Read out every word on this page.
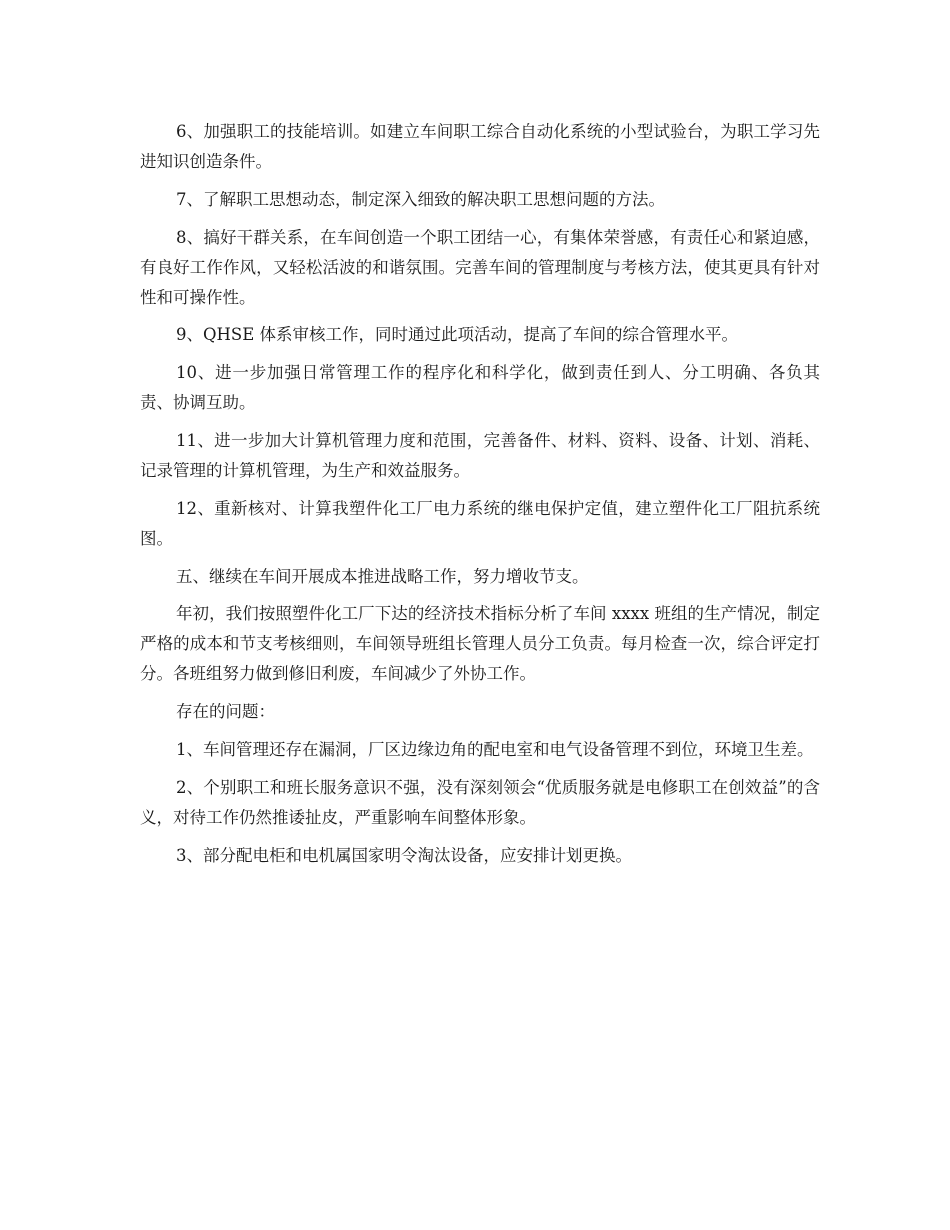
6、加强职工的技能培训。如建立车间职工综合自动化系统的小型试验台，为职工学习先进知识创造条件。

7、了解职工思想动态，制定深入细致的解决职工思想问题的方法。

8、搞好干群关系，在车间创造一个职工团结一心，有集体荣誉感，有责任心和紧迫感，有良好工作作风，又轻松活波的和谐氛围。完善车间的管理制度与考核方法，使其更具有针对性和可操作性。

9、QHSE 体系审核工作，同时通过此项活动，提高了车间的综合管理水平。

10、进一步加强日常管理工作的程序化和科学化，做到责任到人、分工明确、各负其责、协调互助。

11、进一步加大计算机管理力度和范围，完善备件、材料、资料、设备、计划、消耗、记录管理的计算机管理，为生产和效益服务。

12、重新核对、计算我塑件化工厂电力系统的继电保护定值，建立塑件化工厂阻抗系统图。

五、继续在车间开展成本推进战略工作，努力增收节支。

年初，我们按照塑件化工厂下达的经济技术指标分析了车间 xxxx 班组的生产情况，制定严格的成本和节支考核细则，车间领导班组长管理人员分工负责。每月检查一次，综合评定打分。各班组努力做到修旧利废，车间减少了外协工作。

存在的问题：

1、车间管理还存在漏洞，厂区边缘边角的配电室和电气设备管理不到位，环境卫生差。

2、个别职工和班长服务意识不强，没有深刻领会“优质服务就是电修职工在创效益”的含义，对待工作仍然推诿扯皮，严重影响车间整体形象。

3、部分配电柜和电机属国家明令淘汰设备，应安排计划更换。
